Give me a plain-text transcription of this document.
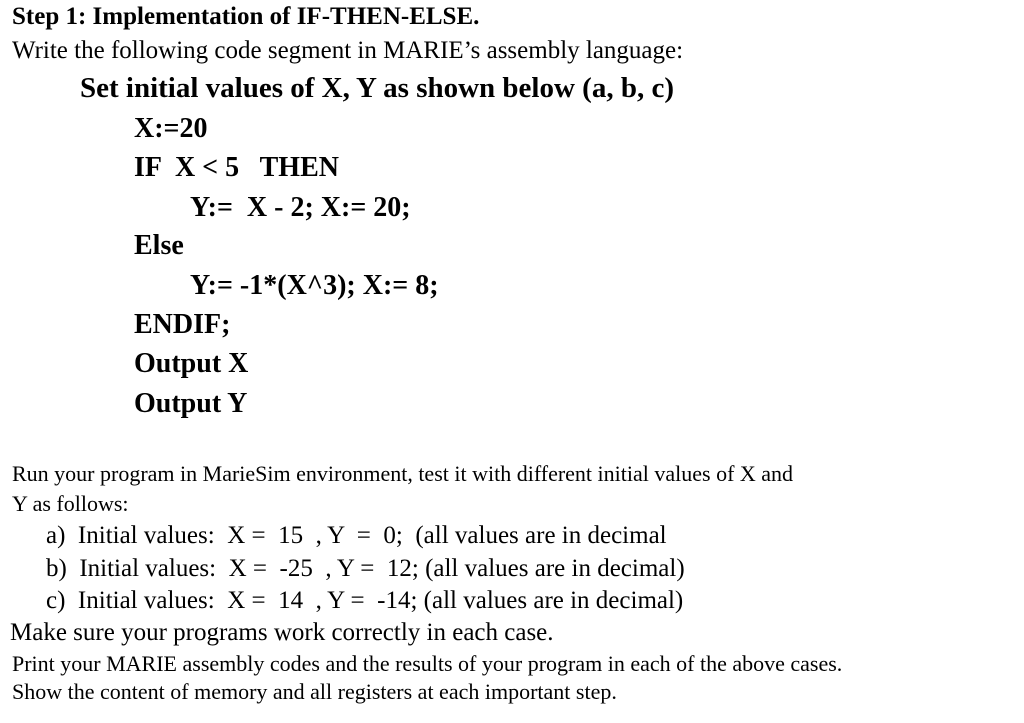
Step 1: Implementation of IF-THEN-ELSE.
Write the following code segment in MARIE’s assembly language:
Set initial values of X, Y as shown below (a, b, c)
X:=20
IF  X < 5   THEN
Y:=  X - 2; X:= 20;
Else
Y:= -1*(X^3); X:= 8;
ENDIF;
Output X
Output Y
Run your program in MarieSim environment, test it with different initial values of X and
Y as follows:
a)  Initial values:  X =  15  , Y  =  0;  (all values are in decimal
b)  Initial values:  X =  -25  , Y =  12; (all values are in decimal)
c)  Initial values:  X =  14  , Y =  -14; (all values are in decimal)
Make sure your programs work correctly in each case.
Print your MARIE assembly codes and the results of your program in each of the above cases.
Show the content of memory and all registers at each important step.
